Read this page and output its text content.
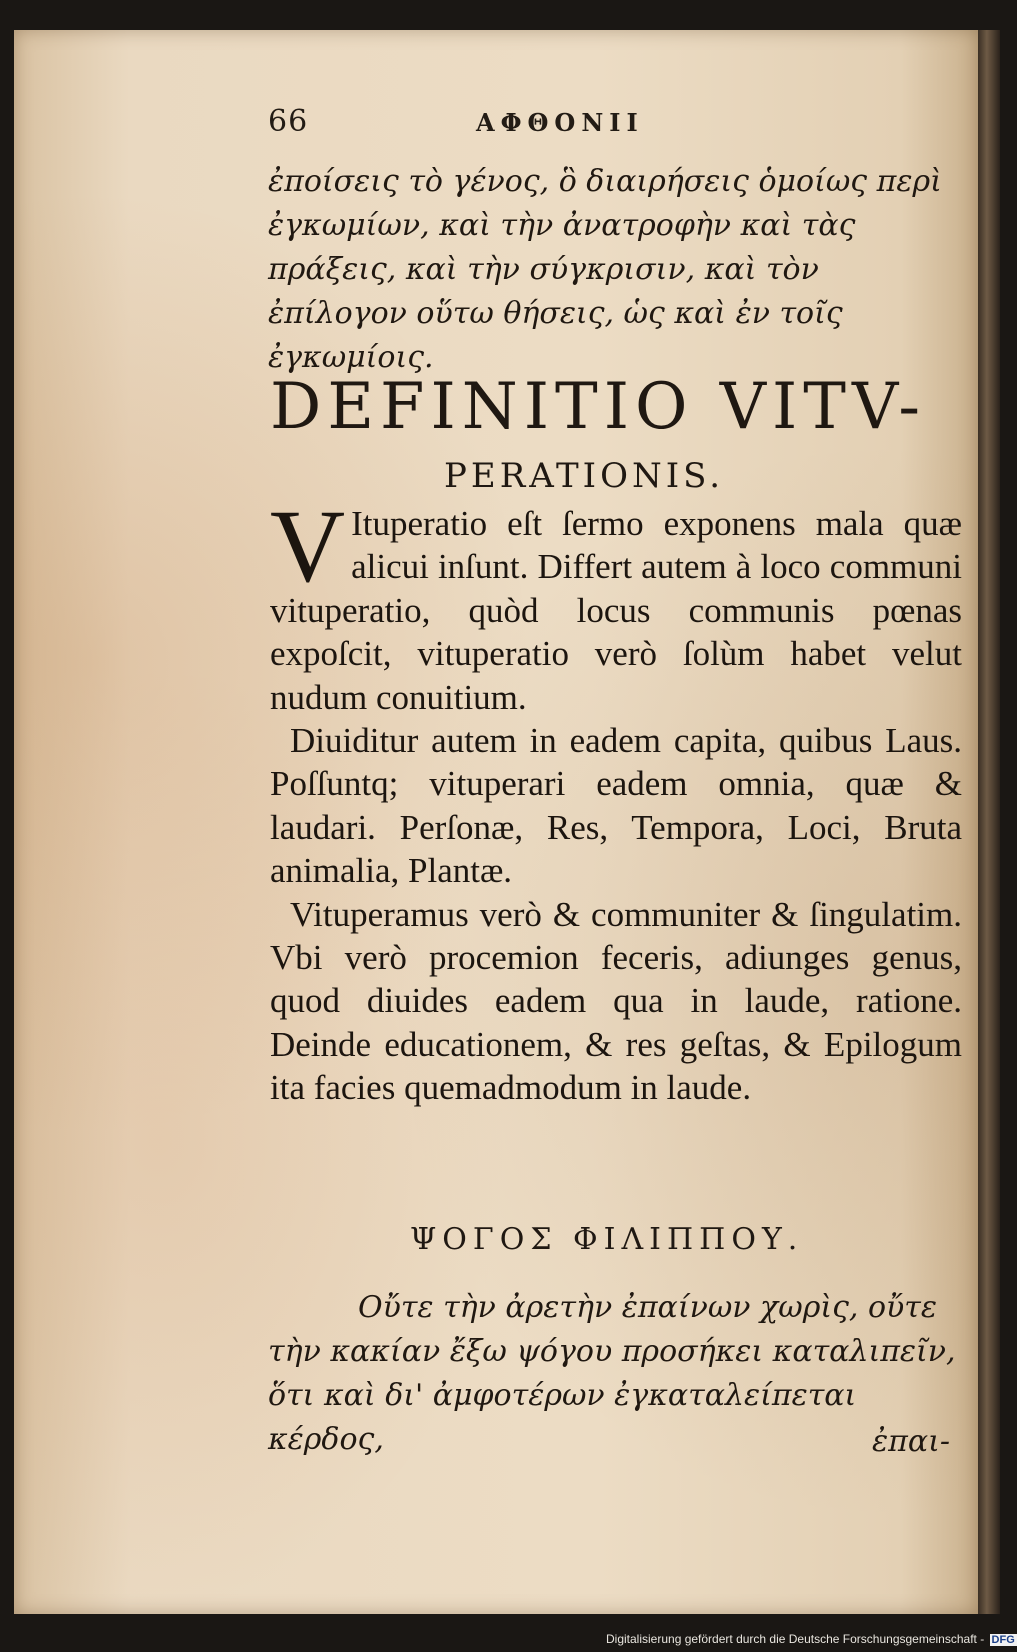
66	ΑΦΘΟΝΙΙ
ἐποίσεις τὸ γένος, ὃ διαιρήσεις ὁμοίως περὶ ἐγκωμίων, καὶ τὴν ἀνατροφὴν καὶ τὰς πράξεις, καὶ τὴν σύγκρισιν, καὶ τὸν ἐπίλογον οὕτω θήσεις, ὡς καὶ ἐν τοῖς ἐγκωμίοις.
DEFINITIO VITV-
PERATIONIS.

V Ituperatio eſt ſermo exponens mala quæ alicui inſunt. Differt autem à loco communi vituperatio, quòd locus communis pœnas expoſcit, vituperatio verò ſolùm habet velut nudum conuitium.

Diuiditur autem in eadem capita, quibus Laus. Poſſuntq; vituperari eadem omnia, quæ & laudari. Perſonæ, Res, Tempora, Loci, Bruta animalia, Plantæ.

Vituperamus verò & communiter & ſingulatim. Vbi verò procemion feceris, adiunges genus, quod diuides eadem qua in laude, ratione. Deinde educationem, & res geſtas, & Epilogum ita facies quemadmodum in laude.

ΨΟΓΟΣ ΦΙΛΙΠΠΟΥ.
Οὔτε τὴν ἀρετὴν ἐπαίνων χωρὶς, οὔτε τὴν κακίαν ἔξω ψόγου προσήκει καταλιπεῖν, ὅτι καὶ δι' ἀμφοτέρων ἐγκαταλείπεται κέρδος,	ἐπαι-
Digitalisierung gefördert durch die Deutsche Forschungsgemeinschaft - DFG
